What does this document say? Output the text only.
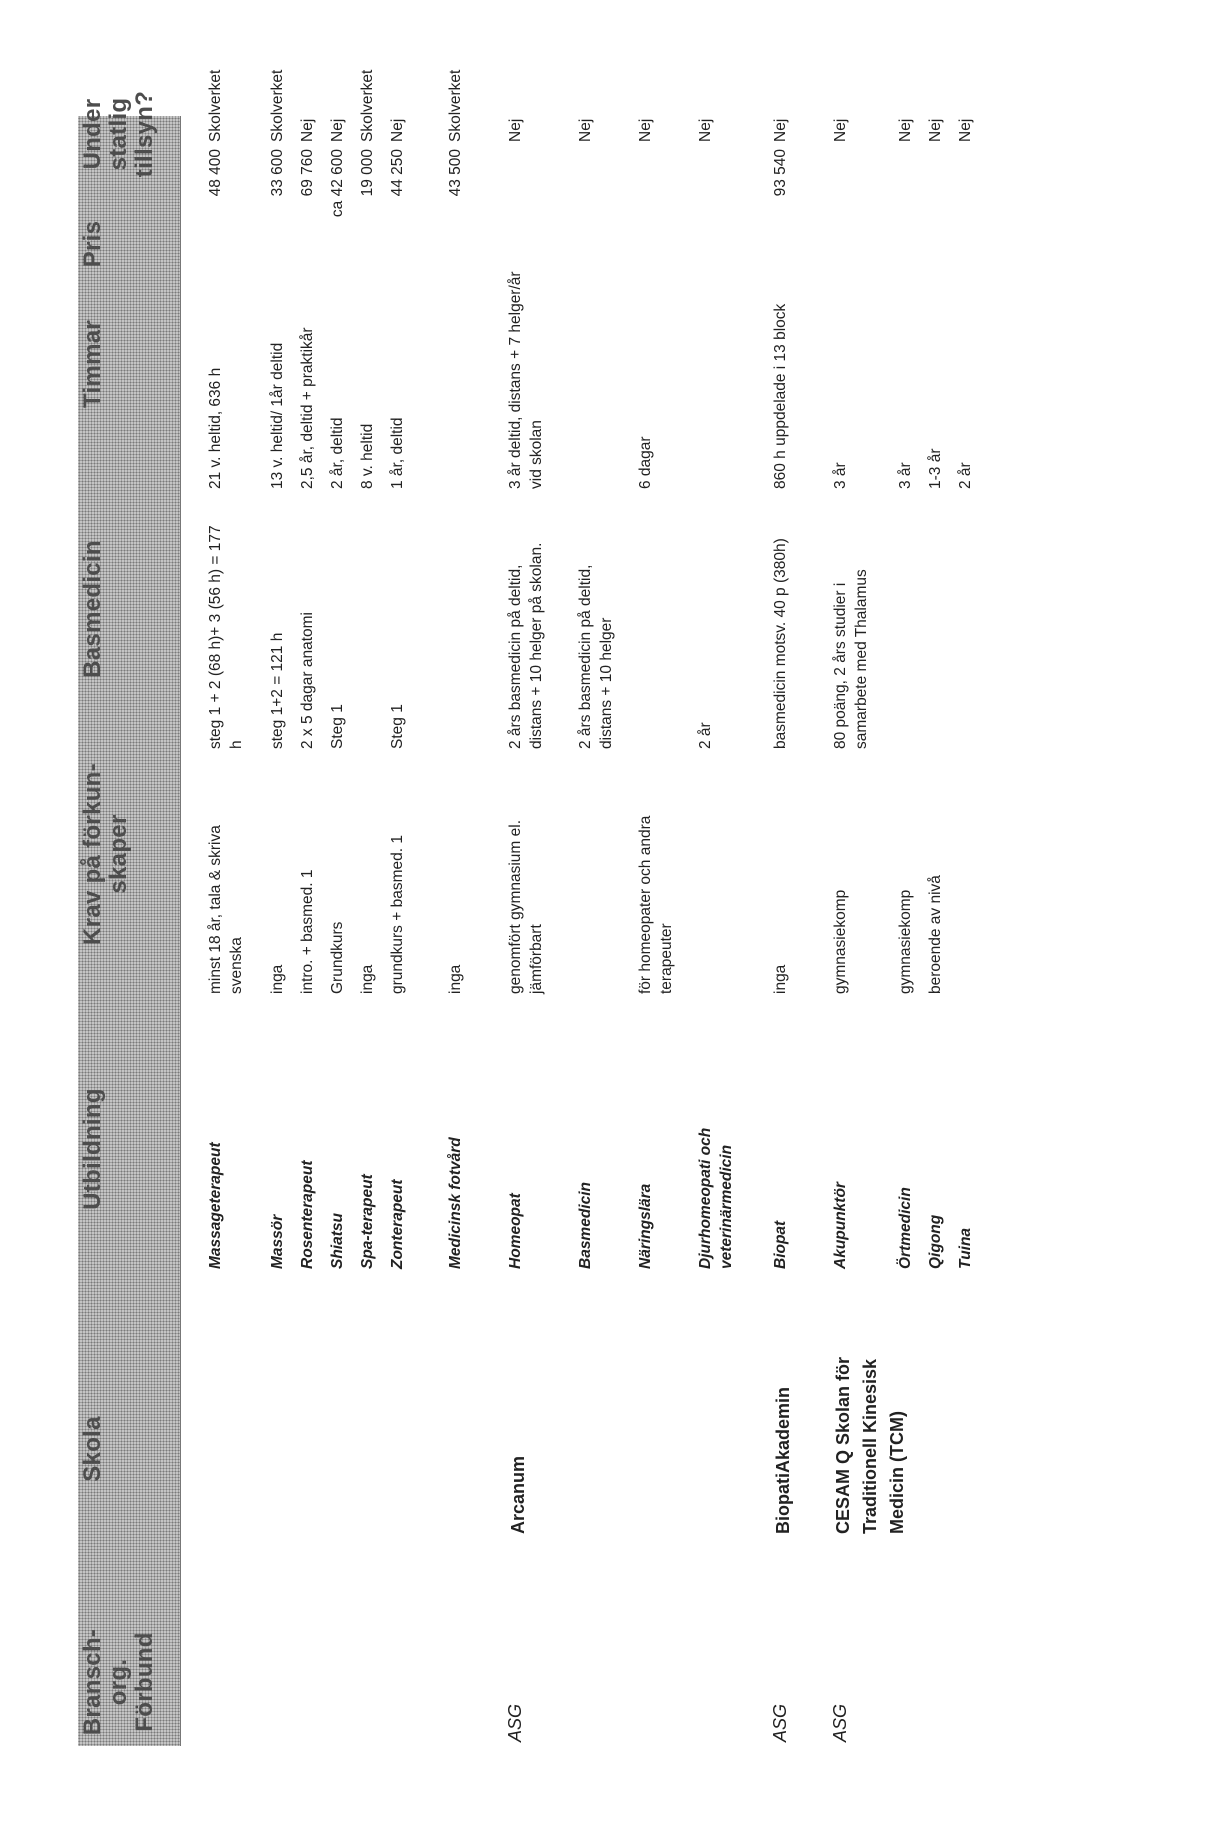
Bransch-
org.
Förbund
Skola
Utbildning
Krav på förkun-
skaper
Basmedicin
Timmar
Pris
Under
statlig
tillsyn?
Massageterapeut
minst 18 år, tala & skriva svenska
steg 1 + 2 (68 h)+ 3 (56 h) = 177 h
21 v. heltid, 636 h
48 400
Skolverket
Massör
inga
steg 1+2 = 121 h
13 v. heltid/ 1år deltid
33 600
Skolverket
Rosenterapeut
intro. + basmed. 1
2 x 5 dagar anatomi
2,5 år, deltid + praktikår
69 760
Nej
Shiatsu
Grundkurs
Steg 1
2 år, deltid
ca 42 600
Nej
Spa-terapeut
inga
8 v. heltid
19 000
Skolverket
Zonterapeut
grundkurs + basmed. 1
Steg 1
1 år, deltid
44 250
Nej
Medicinsk fotvård
inga
43 500
Skolverket
ASG
Arcanum
Homeopat
genomfört gymnasium el. jämförbart
2 års basmedicin på deltid, distans + 10 helger på skolan.
3 år deltid, distans + 7 helger/år vid skolan
Nej
Basmedicin
2 års basmedicin på deltid, distans + 10 helger
Nej
Näringslära
för homeopater och andra terapeuter
6 dagar
Nej
Djurhomeopati och veterinärmedicin
2 år
Nej
ASG
BiopatiAkademin
Biopat
inga
basmedicin motsv. 40 p (380h)
860 h uppdelade i 13 block
93 540
Nej
ASG
CESAM Q Skolan för Traditionell Kinesisk Medicin (TCM)
Akupunktör
gymnasiekomp
80 poäng, 2 års studier i samarbete med Thalamus
3 år
Nej
Örtmedicin
gymnasiekomp
3 år
Nej
Qigong
beroende av nivå
1-3 år
Nej
Tuina
2 år
Nej
